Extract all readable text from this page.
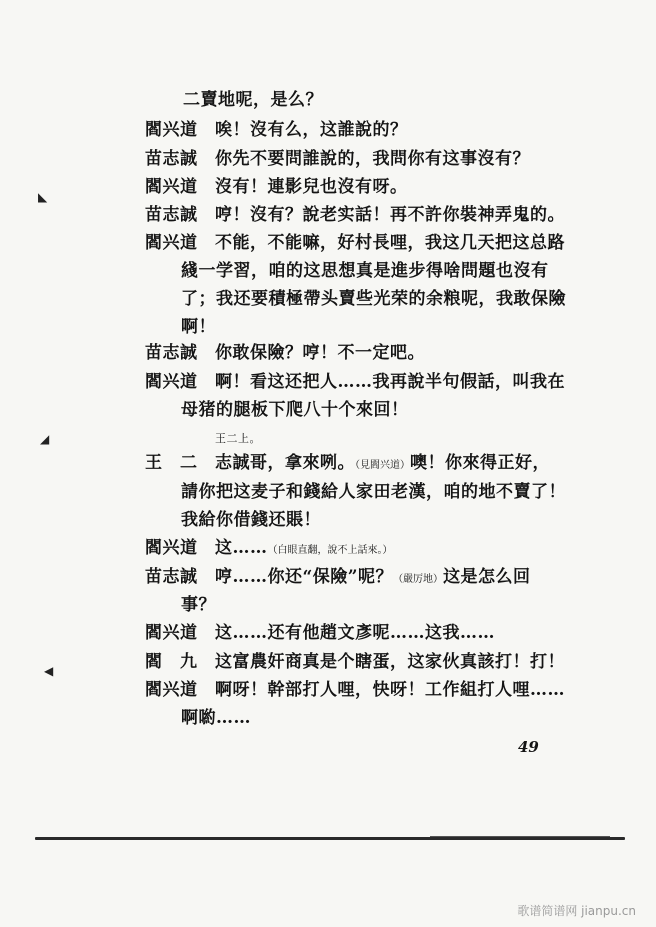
二賣地呢，是么？
閻兴道 唉！沒有么，这誰說的？
苗志誠 你先不要問誰說的，我問你有这事沒有？
閻兴道 沒有！連影兒也沒有呀。
苗志誠 哼！沒有？說老实話！再不許你裝神弄鬼的。
閻兴道 不能，不能嘛，好村長哩，我这几天把这总路
綫一学習，咱的这思想真是進步得啥問題也沒有
了；我还要積極帶头賣些光荣的余粮呢，我敢保險
啊！
苗志誠 你敢保險？哼！不一定吧。
閻兴道 啊！看这还把人……我再說半句假話，叫我在
母猪的腿板下爬八十个來回！
王二上。
王　二 志誠哥，拿來咧。（見閻兴道）噢！你來得正好，
請你把这麦子和錢給人家田老漢，咱的地不賣了！
我給你借錢还賬！
閻兴道 这……（白眼直翻，說不上話來。）
苗志誠 哼……你还“保險”呢？（嚴厉地）这是怎么回
事？
閻兴道 这……还有他趙文彥呢……这我……
閻　九 这富農奸商真是个瞎蛋，这家伙真該打！打！
閻兴道 啊呀！幹部打人哩，快呀！工作組打人哩……
啊喲……
◣
◢
◀
49
歌谱简谱网 jianpu.cn
